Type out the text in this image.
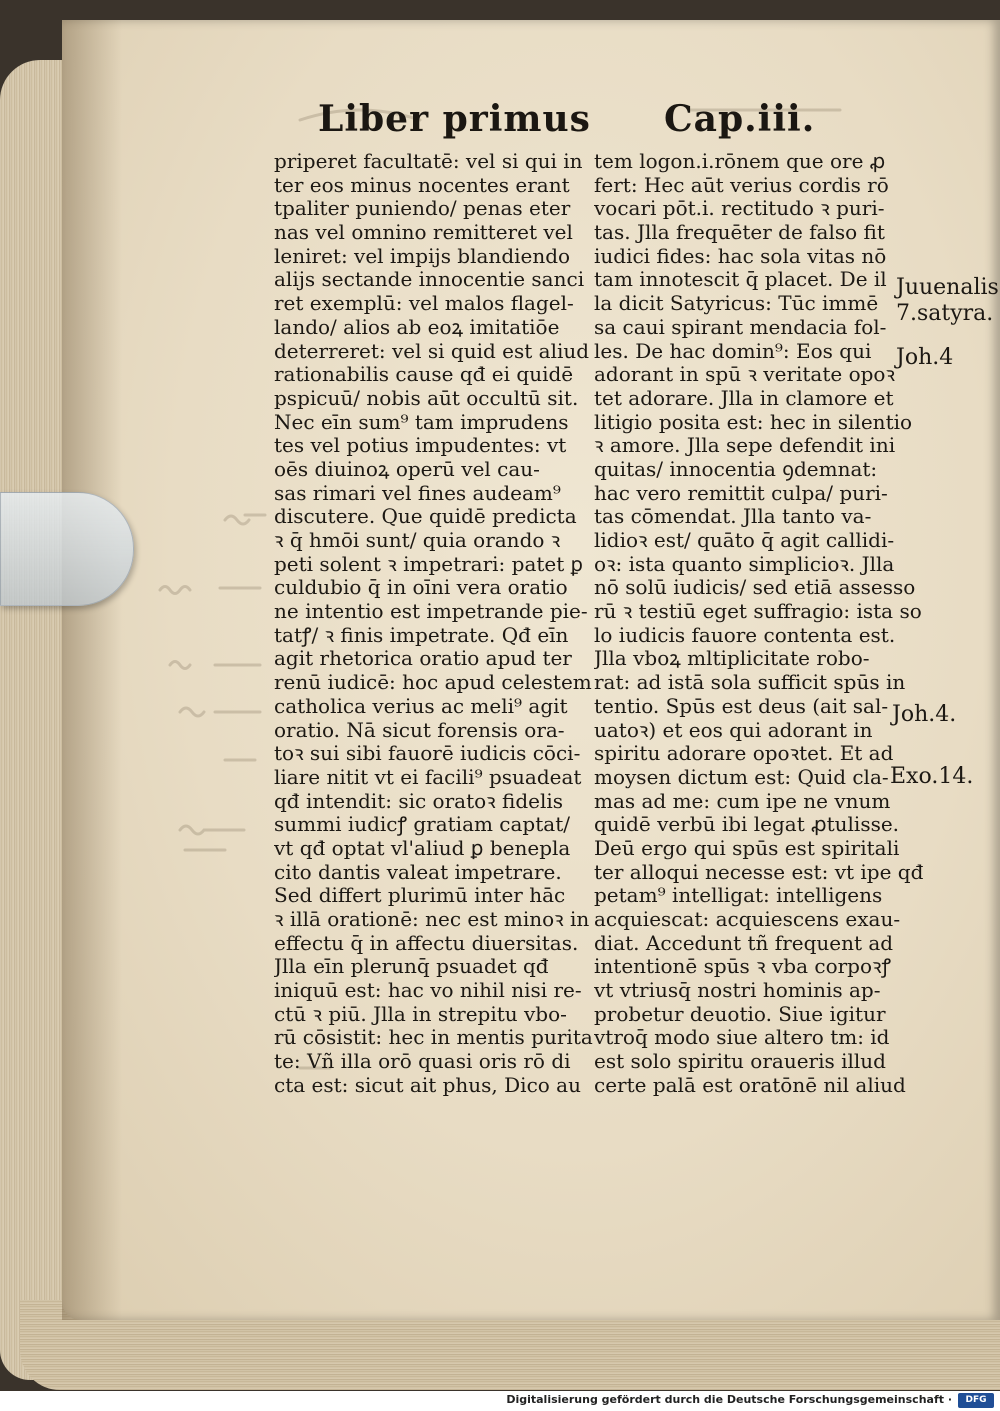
Liber primus Cap.iii.
priperet facultatē: vel si qui in
ter eos minus nocentes erant
tpaliter puniendo/ penas eter
nas vel omnino remitteret vel
leniret: vel impijs blandiendo
alijs sectande innocentie sanci
ret exemplū: vel malos flagel-
lando/ alios ab eoꝝ imitatiōe
deterreret: vel si quid est aliud
rationabilis cause qđ ei quidē
pspicuū/ nobis aūt occultū sit.
Nec eīn sum⁹ tam imprudens
tes vel potius impudentes: vt
oēs diuinoꝝ operū vel cau-
sas rimari vel fines audeam⁹
discutere. Que quidē predicta
ꝛ q̄ hmōi sunt/ quia orando ꝛ
peti solent ꝛ impetrari: patet ꝑ
culdubio q̄ in oīni vera oratio
ne intentio est impetrande pie-
tatꝭ/ ꝛ finis impetrate. Qđ eīn
agit rhetorica oratio apud ter
renū iudicē: hoc apud celestem
catholica verius ac meli⁹ agit
oratio. Nā sicut forensis ora-
toꝛ sui sibi fauorē iudicis cōci-
liare nitit̄ vt ei facili⁹ psuadeat
qđ intendit: sic oratoꝛ fidelis
summi iudicꝭ gratiam captat/
vt qđ optat vl'aliud ꝑ benepla
cito dantis valeat impetrare.
Sed differt plurimū inter hāc
ꝛ illā orationē: nec est minoꝛ in
effectu q̄ in affectu diuersitas.
Jlla eīn plerunq̄ psuadet qđ
iniquū est: hac vo nihil nisi re-
ctū ꝛ piū. Jlla in strepitu vbo-
rū cōsistit: hec in mentis purita
te: Vñ illa orō quasi oris rō di
cta est: sicut ait phus, Dico au
tem logon.i.rōnem que ore ꝓ
fert: Hec aūt verius cordis rō
vocari pōt.i. rectitudo ꝛ puri-
tas. Jlla frequēter de falso fit
iudici fides: hac sola vitas nō
tam innotescit q̄ placet. De il
la dicit Satyricus: Tūc immē
sa caui spirant mendacia fol-
les. De hac domin⁹: Eos qui
adorant in spū ꝛ veritate opoꝛ
tet adorare. Jlla in clamore et
litigio posita est: hec in silentio
ꝛ amore. Jlla sepe defendit ini
quitas/ innocentia ꝯdemnat:
hac vero remittit culpa/ puri-
tas cōmendat. Jlla tanto va-
lidioꝛ est/ quāto q̄ agit callidi-
oꝛ: ista quanto simplicioꝛ. Jlla
nō solū iudicis/ sed etiā assesso
rū ꝛ testiū eget suffragio: ista so
lo iudicis fauore contenta est.
Jlla vboꝝ mltiplicitate robo-
rat: ad istā sola sufficit spūs in
tentio. Spūs est deus (ait sal-
uatoꝛ) et eos qui adorant in
spiritu adorare opoꝛtet. Et ad
moysen dictum est: Quid cla-
mas ad me: cum ipe ne vnum
quidē verbū ibi legat ꝓtulisse.
Deū ergo qui spūs est spiritali
ter alloqui necesse est: vt ipe qđ
petam⁹ intelligat: intelligens
acquiescat: acquiescens exau-
diat. Accedunt tñ frequent ad
intentionē spūs ꝛ vba corpoꝛꝭ
vt vtriusq̄ nostri hominis ap-
probetur deuotio. Siue igitur
vtroq̄ modo siue altero tm: id
est solo spiritu oraueris illud
certe palā est oratōnē nil aliud
Juuenalis
7.satyra.
Joh.4
Joh.4.
Exo.14.
Digitalisierung gefördert durch die Deutsche Forschungsgemeinschaft ·	DFG
